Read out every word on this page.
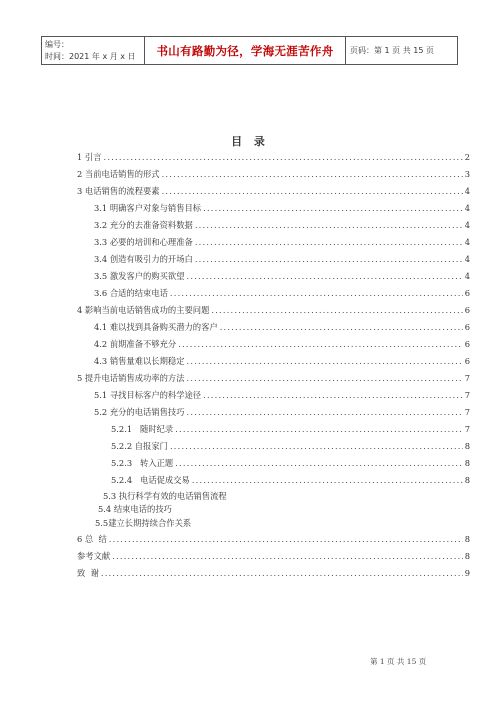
编号：
时间：2021 年 x 月 x 日	书山有路勤为径，学海无涯苦作舟	页码：第 1 页 共 15 页
目 录
1 引言 .....	2
2 当前电话销售的形式 .....	3
3 电话销售的流程要素 .....	4
3.1 明确客户对象与销售目标 .....	4
3.2 充分的去准备资料数据 .....	4
3.3 必要的培训和心理准备 .....	4
3.4 创造有吸引力的开场白 .....	4
3.5 激发客户的购买欲望 .....	4
3.6 合适的结束电话 .....	6
4 影响当前电话销售成功的主要问题 .....	6
4.1 难以找到具备购买潜力的客户 .....	6
4.2 前期准备不够充分 .....	6
4.3 销售量难以长期稳定 .....	6
5 提升电话销售成功率的方法 .....	7
5.1 寻找目标客户的科学途径 .....	7
5.2 充分的电话销售技巧 .....	7
5.2.1   随时纪录 .....	7
5.2.2 自报家门 .....	8
5.2.3   转入正题 .....	8
5.2.4   电话促成交易 .....	8
5.3 执行科学有效的电话销售流程
5.4 结束电话的技巧
5.5建立长期持续合作关系
6 总  结 .....	8
参考文献 .....	8
致  谢 .....	9
第 1 页 共 15 页
